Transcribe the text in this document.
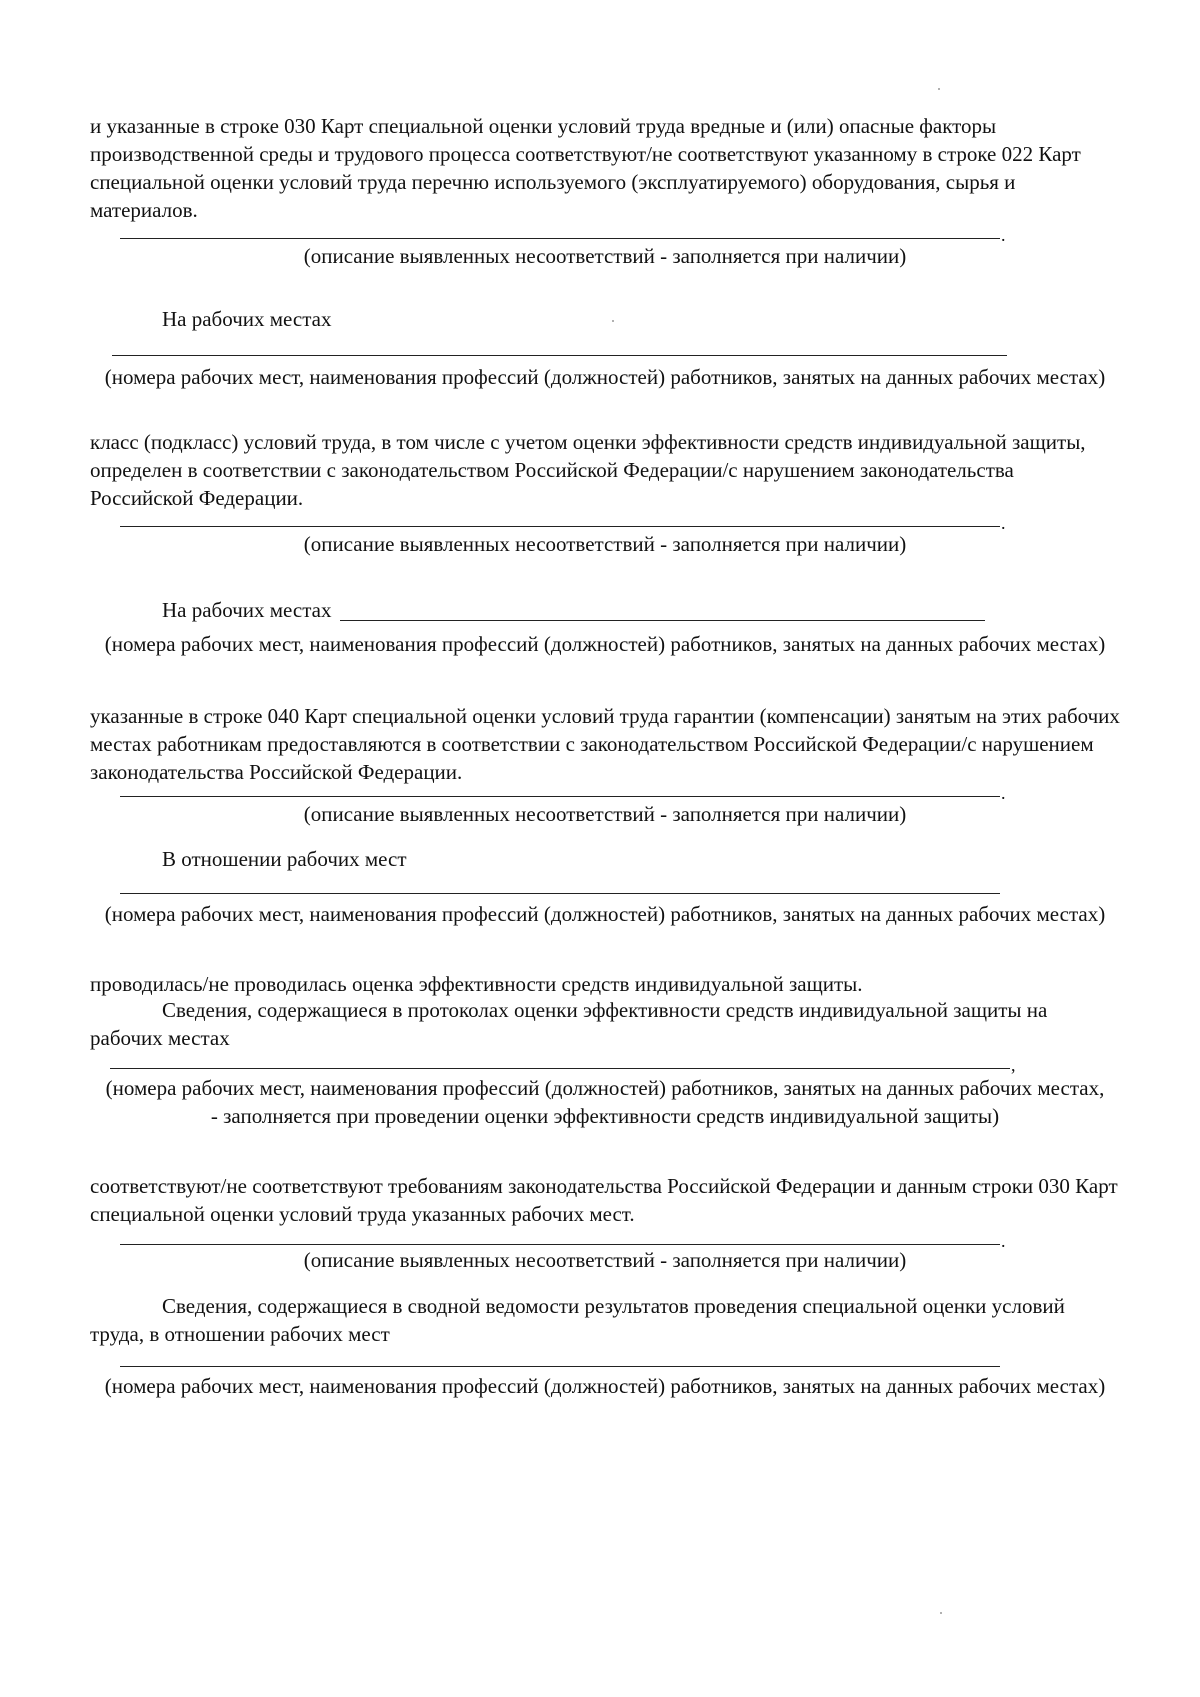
и указанные в строке 030 Карт специальной оценки условий труда вредные и (или) опасные факторы производственной среды и трудового процесса соответствуют/не соответствуют указанному в строке 022 Карт специальной оценки условий труда перечню используемого (эксплуатируемого) оборудования, сырья и материалов.

.

(описание выявленных несоответствий - заполняется при наличии)

На рабочих местах

(номера рабочих мест, наименования профессий (должностей) работников, занятых на данных рабочих местах)

класс (подкласс) условий труда, в том числе с учетом оценки эффективности средств индивидуальной защиты, определен в соответствии с законодательством Российской Федерации/с нарушением законодательства Российской Федерации.

.

(описание выявленных несоответствий - заполняется при наличии)

На рабочих местах

(номера рабочих мест, наименования профессий (должностей) работников, занятых на данных рабочих местах)

указанные в строке 040 Карт специальной оценки условий труда гарантии (компенсации) занятым на этих рабочих местах работникам предоставляются в соответствии с законодательством Российской Федерации/с нарушением законодательства Российской Федерации.

.

(описание выявленных несоответствий - заполняется при наличии)

В отношении рабочих мест

(номера рабочих мест, наименования профессий (должностей) работников, занятых на данных рабочих местах)

проводилась/не проводилась оценка эффективности средств индивидуальной защиты.

Сведения, содержащиеся в протоколах оценки эффективности средств индивидуальной защиты на рабочих местах

,

(номера рабочих мест, наименования профессий (должностей) работников, занятых на данных рабочих местах, - заполняется при проведении оценки эффективности средств индивидуальной защиты)

соответствуют/не соответствуют требованиям законодательства Российской Федерации и данным строки 030 Карт специальной оценки условий труда указанных рабочих мест.

.

(описание выявленных несоответствий - заполняется при наличии)

Сведения, содержащиеся в сводной ведомости результатов проведения специальной оценки условий труда, в отношении рабочих мест

(номера рабочих мест, наименования профессий (должностей) работников, занятых на данных рабочих местах)
